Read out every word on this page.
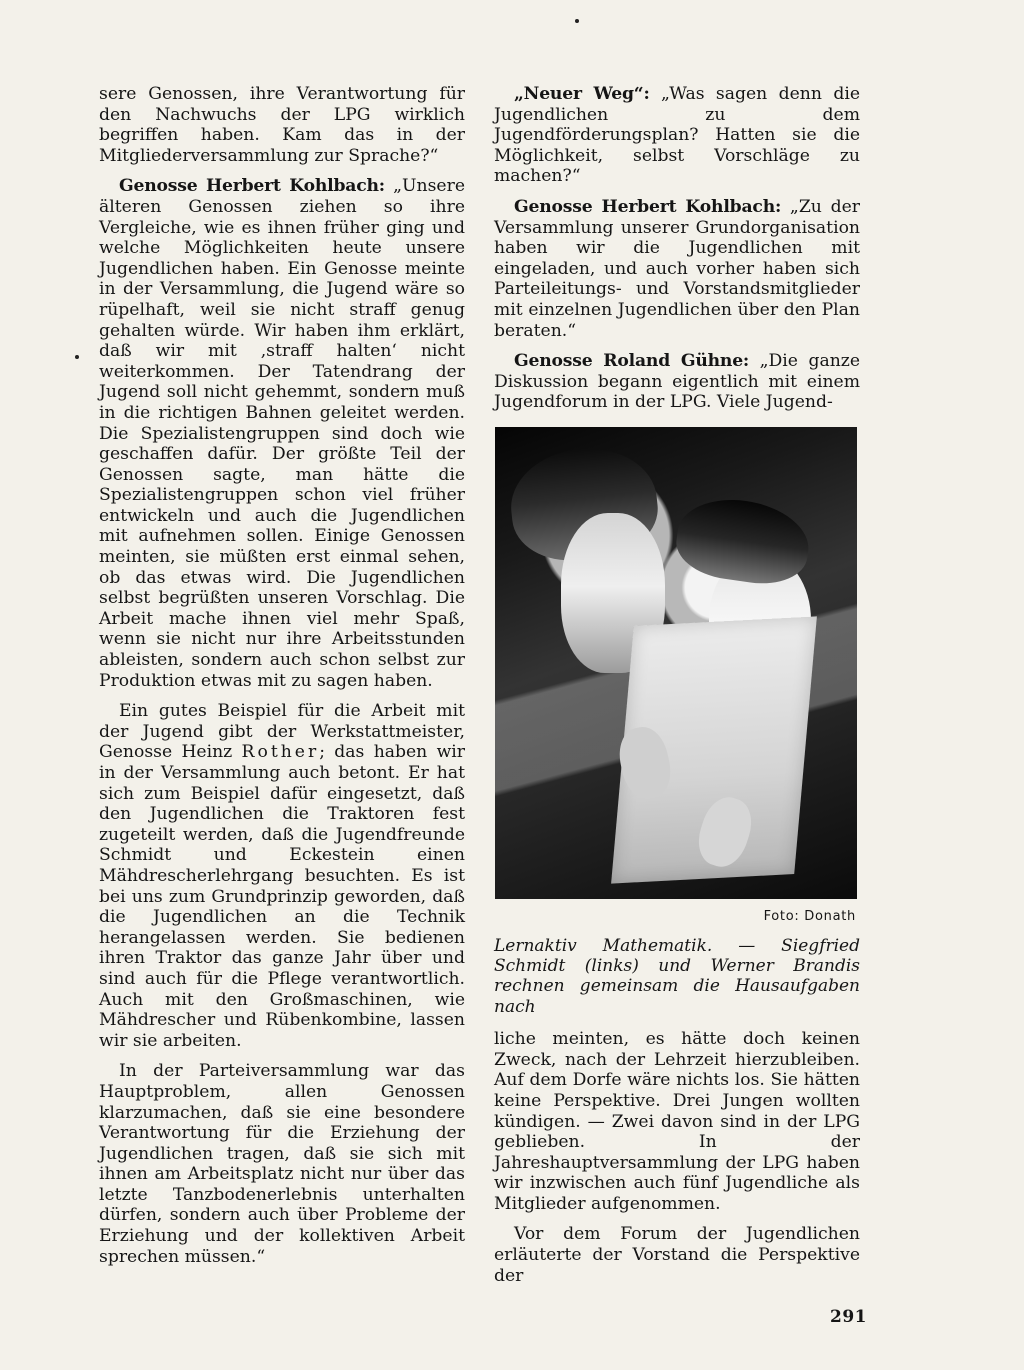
sere Genossen, ihre Verantwortung für den Nachwuchs der LPG wirklich begriffen haben. Kam das in der Mitgliederversammlung zur Sprache?“

Genosse Herbert Kohlbach: „Unsere älteren Genossen ziehen so ihre Vergleiche, wie es ihnen früher ging und welche Möglichkeiten heute unsere Jugendlichen haben. Ein Genosse meinte in der Versammlung, die Jugend wäre so rüpelhaft, weil sie nicht straff genug gehalten würde. Wir haben ihm erklärt, daß wir mit ‚straff halten‘ nicht weiterkommen. Der Tatendrang der Jugend soll nicht gehemmt, sondern muß in die richtigen Bahnen geleitet werden. Die Spezialistengruppen sind doch wie geschaffen dafür. Der größte Teil der Genossen sagte, man hätte die Spezialistengruppen schon viel früher entwickeln und auch die Jugendlichen mit aufnehmen sollen. Einige Genossen meinten, sie müßten erst einmal sehen, ob das etwas wird. Die Jugendlichen selbst begrüßten unseren Vorschlag. Die Arbeit mache ihnen viel mehr Spaß, wenn sie nicht nur ihre Arbeitsstunden ableisten, sondern auch schon selbst zur Produktion etwas mit zu sagen haben.

Ein gutes Beispiel für die Arbeit mit der Jugend gibt der Werkstattmeister, Genosse Heinz Rother; das haben wir in der Versammlung auch betont. Er hat sich zum Beispiel dafür eingesetzt, daß den Jugendlichen die Traktoren fest zugeteilt werden, daß die Jugendfreunde Schmidt und Eckestein einen Mähdrescherlehrgang besuchten. Es ist bei uns zum Grundprinzip geworden, daß die Jugendlichen an die Technik herangelassen werden. Sie bedienen ihren Traktor das ganze Jahr über und sind auch für die Pflege verantwortlich. Auch mit den Großmaschinen, wie Mähdrescher und Rübenkombine, lassen wir sie arbeiten.

In der Parteiversammlung war das Hauptproblem, allen Genossen klarzumachen, daß sie eine besondere Verantwortung für die Erziehung der Jugendlichen tragen, daß sie sich mit ihnen am Arbeitsplatz nicht nur über das letzte Tanzbodenerlebnis unterhalten dürfen, sondern auch über Probleme der Erziehung und der kollektiven Arbeit sprechen müssen.“

„Neuer Weg“: „Was sagen denn die Jugendlichen zu dem Jugendförderungsplan? Hatten sie die Möglichkeit, selbst Vorschläge zu machen?“

Genosse Herbert Kohlbach: „Zu der Versammlung unserer Grundorganisation haben wir die Jugendlichen mit eingeladen, und auch vorher haben sich Parteileitungs- und Vorstandsmitglieder mit einzelnen Jugendlichen über den Plan beraten.“

Genosse Roland Gühne: „Die ganze Diskussion begann eigentlich mit einem Jugendforum in der LPG. Viele Jugend-

Foto: Donath

Lernaktiv Mathematik. — Siegfried Schmidt (links) und Werner Brandis rechnen gemeinsam die Hausaufgaben nach

liche meinten, es hätte doch keinen Zweck, nach der Lehrzeit hierzubleiben. Auf dem Dorfe wäre nichts los. Sie hätten keine Perspektive. Drei Jungen wollten kündigen. — Zwei davon sind in der LPG geblieben. In der Jahreshauptversammlung der LPG haben wir inzwischen auch fünf Jugendliche als Mitglieder aufgenommen.

Vor dem Forum der Jugendlichen erläuterte der Vorstand die Perspektive der

291
